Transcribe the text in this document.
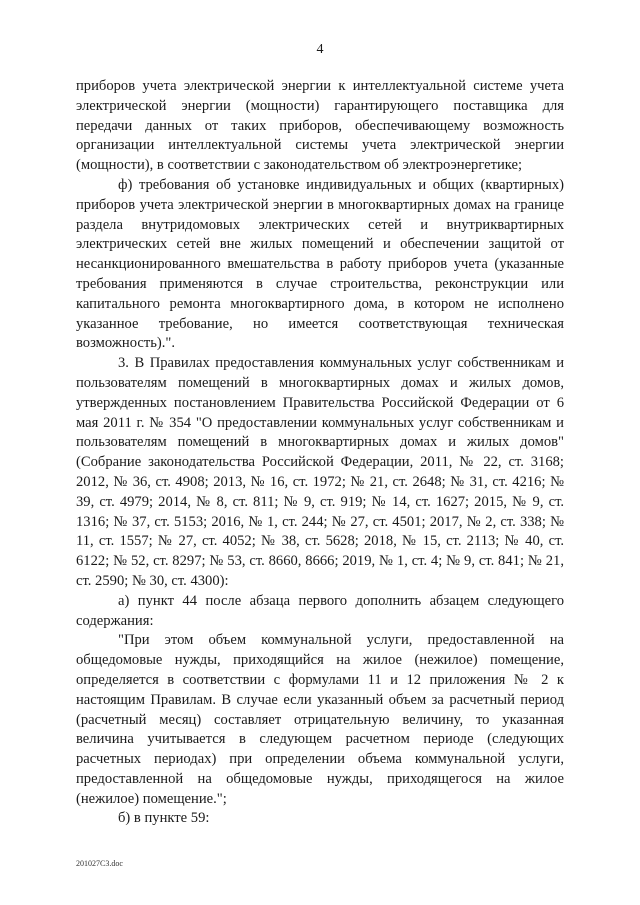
4

приборов учета электрической энергии к интеллектуальной системе учета электрической энергии (мощности) гарантирующего поставщика для передачи данных от таких приборов, обеспечивающему возможность организации интеллектуальной системы учета электрической энергии (мощности), в соответствии с законодательством об электроэнергетике;

ф) требования об установке индивидуальных и общих (квартирных) приборов учета электрической энергии в многоквартирных домах на границе раздела внутридомовых электрических сетей и внутриквартирных электрических сетей вне жилых помещений и обеспечении защитой от несанкционированного вмешательства в работу приборов учета (указанные требования применяются в случае строительства, реконструкции или капитального ремонта многоквартирного дома, в котором не исполнено указанное требование, но имеется соответствующая техническая возможность).".

3. В Правилах предоставления коммунальных услуг собственникам и пользователям помещений в многоквартирных домах и жилых домов, утвержденных постановлением Правительства Российской Федерации от 6 мая 2011 г. № 354 "О предоставлении коммунальных услуг собственникам и пользователям помещений в многоквартирных домах и жилых домов" (Собрание законодательства Российской Федерации, 2011, № 22, ст. 3168; 2012, № 36, ст. 4908; 2013, № 16, ст. 1972; № 21, ст. 2648; № 31, ст. 4216; № 39, ст. 4979; 2014, № 8, ст. 811; № 9, ст. 919; № 14, ст. 1627; 2015, № 9, ст. 1316; № 37, ст. 5153; 2016, № 1, ст. 244; № 27, ст. 4501; 2017, № 2, ст. 338; № 11, ст. 1557; № 27, ст. 4052; № 38, ст. 5628; 2018, № 15, ст. 2113; № 40, ст. 6122; № 52, ст. 8297; № 53, ст. 8660, 8666; 2019, № 1, ст. 4; № 9, ст. 841; № 21, ст. 2590; № 30, ст. 4300):

а) пункт 44 после абзаца первого дополнить абзацем следующего содержания:

"При этом объем коммунальной услуги, предоставленной на общедомовые нужды, приходящийся на жилое (нежилое) помещение, определяется в соответствии с формулами 11 и 12 приложения № 2 к настоящим Правилам. В случае если указанный объем за расчетный период (расчетный месяц) составляет отрицательную величину, то указанная величина учитывается в следующем расчетном периоде (следующих расчетных периодах) при определении объема коммунальной услуги, предоставленной на общедомовые нужды, приходящегося на жилое (нежилое) помещение.";

б) в пункте 59:

201027C3.doc
